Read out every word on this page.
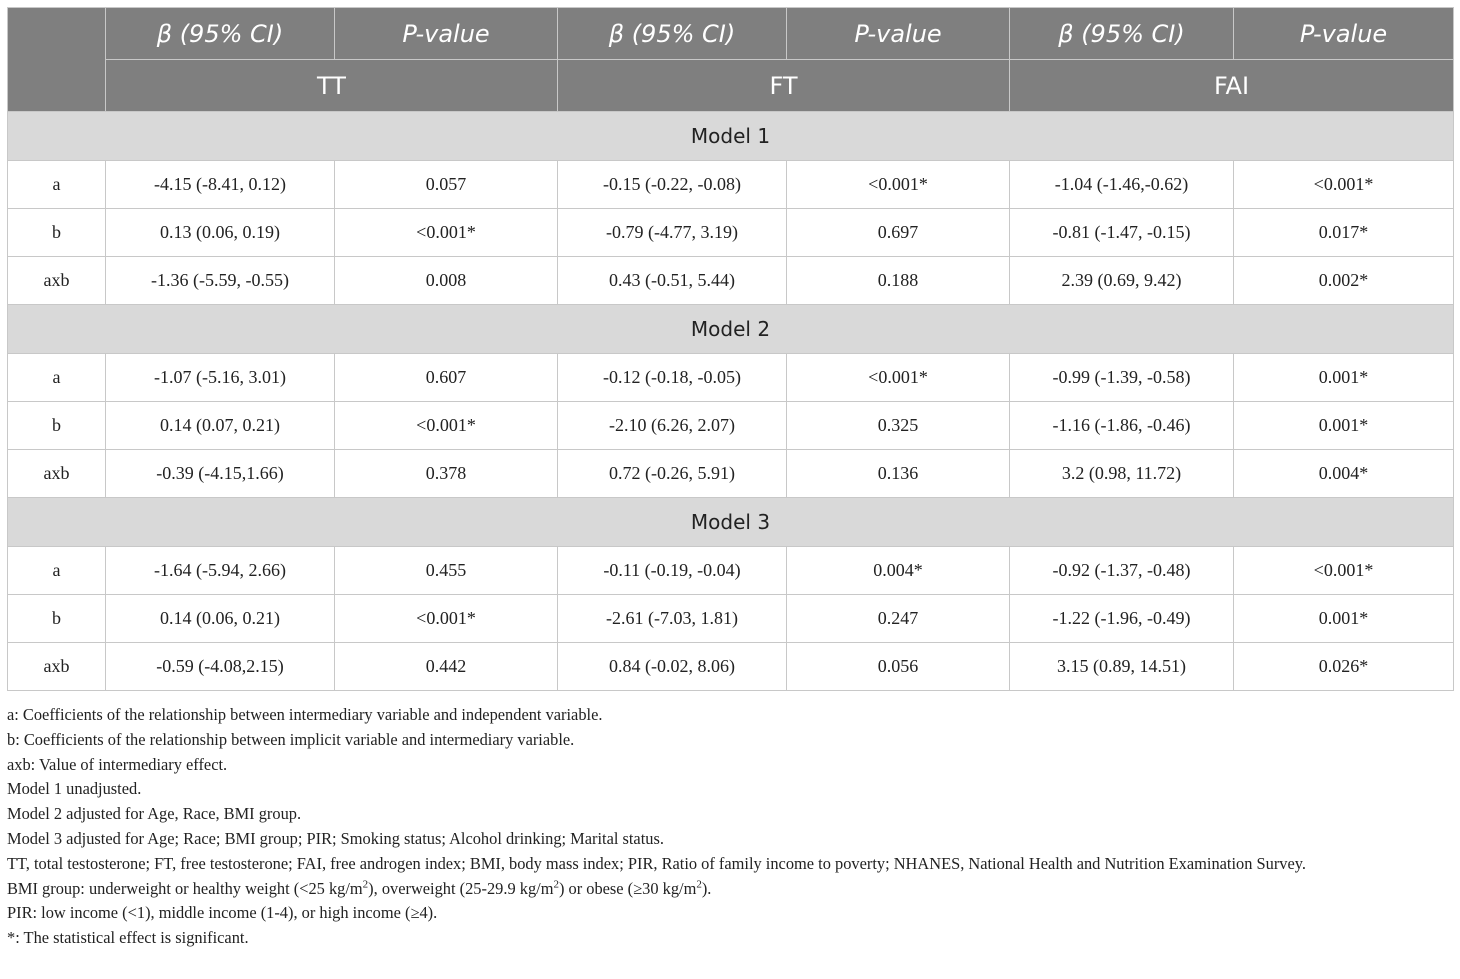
	β (95% CI)	P-value	β (95% CI)	P-value	β (95% CI)	P-value
	TT		FT		FAI	
Model 1						
a	-4.15 (-8.41, 0.12)	0.057	-0.15 (-0.22, -0.08)	<0.001*	-1.04 (-1.46,-0.62)	<0.001*
b	0.13 (0.06, 0.19)	<0.001*	-0.79 (-4.77, 3.19)	0.697	-0.81 (-1.47, -0.15)	0.017*
axb	-1.36 (-5.59, -0.55)	0.008	0.43 (-0.51, 5.44)	0.188	2.39 (0.69, 9.42)	0.002*
Model 2						
a	-1.07 (-5.16, 3.01)	0.607	-0.12 (-0.18, -0.05)	<0.001*	-0.99 (-1.39, -0.58)	0.001*
b	0.14 (0.07, 0.21)	<0.001*	-2.10 (6.26, 2.07)	0.325	-1.16 (-1.86, -0.46)	0.001*
axb	-0.39 (-4.15,1.66)	0.378	0.72 (-0.26, 5.91)	0.136	3.2 (0.98, 11.72)	0.004*
Model 3						
a	-1.64 (-5.94, 2.66)	0.455	-0.11 (-0.19, -0.04)	0.004*	-0.92 (-1.37, -0.48)	<0.001*
b	0.14 (0.06, 0.21)	<0.001*	-2.61 (-7.03, 1.81)	0.247	-1.22 (-1.96, -0.49)	0.001*
axb	-0.59 (-4.08,2.15)	0.442	0.84 (-0.02, 8.06)	0.056	3.15 (0.89, 14.51)	0.026*

a: Coefficients of the relationship between intermediary variable and independent variable.

b: Coefficients of the relationship between implicit variable and intermediary variable.

axb: Value of intermediary effect.

Model 1 unadjusted.

Model 2 adjusted for Age, Race, BMI group.

Model 3 adjusted for Age; Race; BMI group; PIR; Smoking status; Alcohol drinking; Marital status.

TT, total testosterone; FT, free testosterone; FAI, free androgen index; BMI, body mass index; PIR, Ratio of family income to poverty; NHANES, National Health and Nutrition Examination Survey.

BMI group: underweight or healthy weight (<25 $kg/m^2$), overweight (25-29.9 $kg/m^2$) or obese (≥30 $kg/m^2$).

PIR: low income (<1), middle income (1-4), or high income (≥4).

*: The statistical effect is significant.
